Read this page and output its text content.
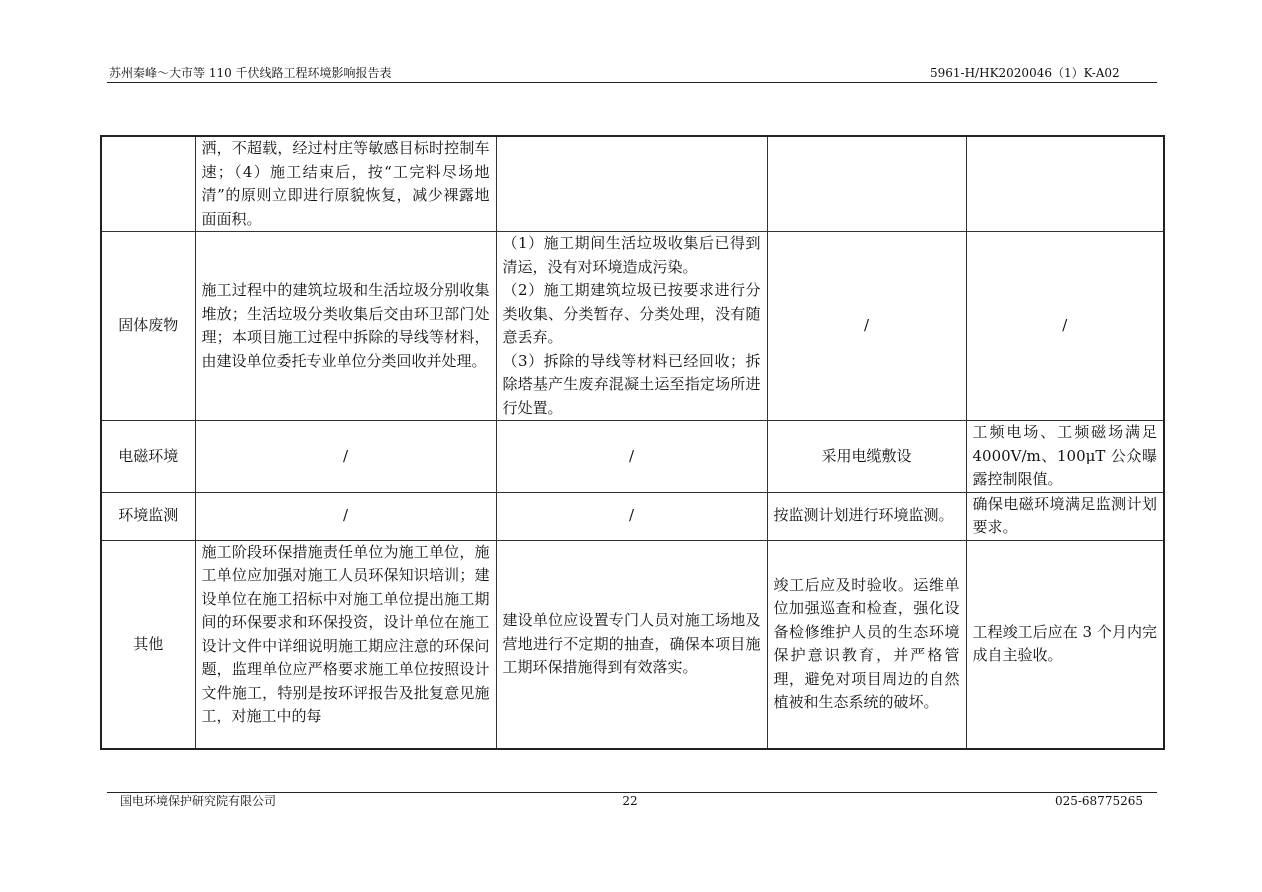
苏州秦峰～大市等 110 千伏线路工程环境影响报告表	5961-H/HK2020046（1）K-A02
	洒，不超载，经过村庄等敏感目标时控制车速；（4）施工结束后，按“工完料尽场地清”的原则立即进行原貌恢复，减少裸露地面面积。			
固体废物	施工过程中的建筑垃圾和生活垃圾分别收集堆放；生活垃圾分类收集后交由环卫部门处理；本项目施工过程中拆除的导线等材料，由建设单位委托专业单位分类回收并处理。	（1）施工期间生活垃圾收集后已得到清运，没有对环境造成污染。
（2）施工期建筑垃圾已按要求进行分类收集、分类暂存、分类处理，没有随意丢弃。
（3）拆除的导线等材料已经回收；拆除塔基产生废弃混凝土运至指定场所进行处置。	/	/
电磁环境	/	/	采用电缆敷设	工频电场、工频磁场满足 4000V/m、100μT 公众曝露控制限值。
环境监测	/	/	按监测计划进行环境监测。	确保电磁环境满足监测计划要求。
其他	施工阶段环保措施责任单位为施工单位，施工单位应加强对施工人员环保知识培训；建设单位在施工招标中对施工单位提出施工期间的环保要求和环保投资，设计单位在施工设计文件中详细说明施工期应注意的环保问题，监理单位应严格要求施工单位按照设计文件施工，特别是按环评报告及批复意见施工，对施工中的每	建设单位应设置专门人员对施工场地及营地进行不定期的抽查，确保本项目施工期环保措施得到有效落实。	竣工后应及时验收。运维单位加强巡查和检查，强化设备检修维护人员的生态环境保护意识教育，并严格管理，避免对项目周边的自然植被和生态系统的破坏。	工程竣工后应在 3 个月内完成自主验收。
国电环境保护研究院有限公司	22	025-68775265
